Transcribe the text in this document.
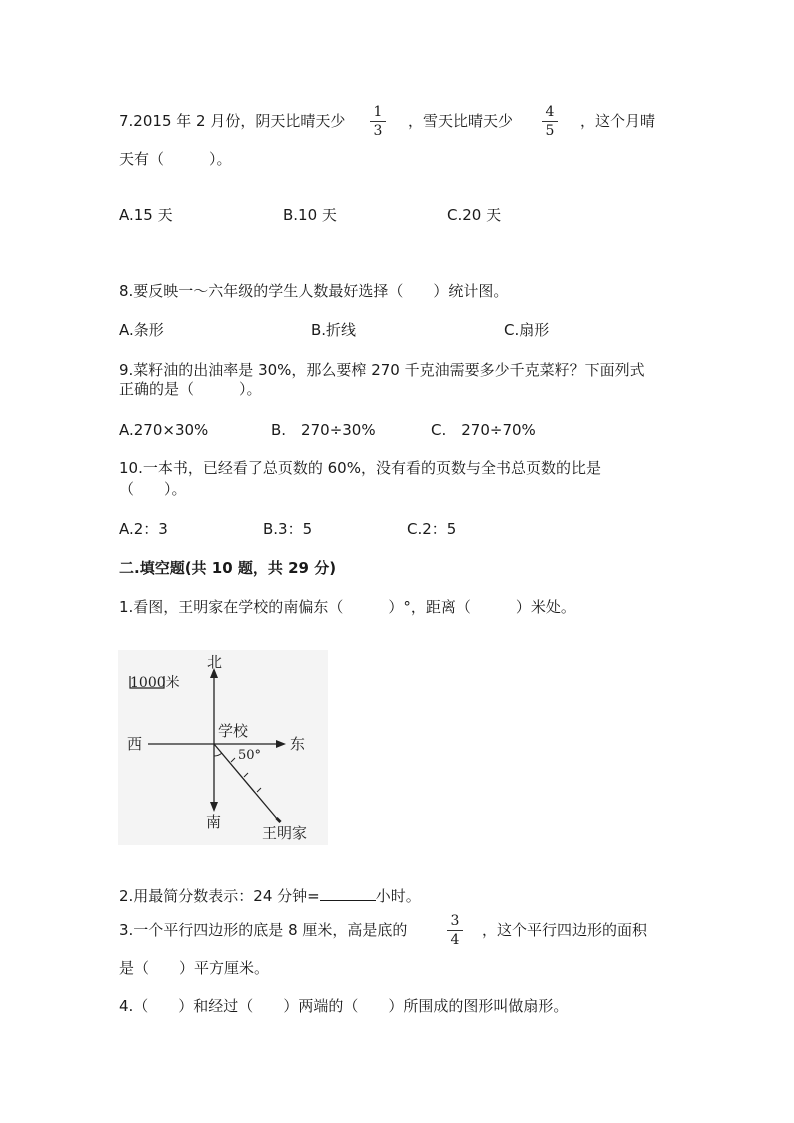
7.2015 年 2 月份，阴天比晴天少	1
3
，雪天比晴天少	4
5
，这个月晴
天有（　　　）。
A.15 天	B.10 天	C.20 天
8.要反映一～六年级的学生人数最好选择（　　）统计图。
A.条形	B.折线	C.扇形
9.菜籽油的出油率是 30%，那么要榨 270 千克油需要多少千克菜籽？下面列式
正确的是（　　　）。
A.270×30%	B.　270÷30%	C.　270÷70%
10.一本书，已经看了总页数的 60%，没有看的页数与全书总页数的比是
（　　）。
A.2：3	B.3：5	C.2：5
二.填空题(共 10 题，共 29 分)
1.看图，王明家在学校的南偏东（　　　）°，距离（　　　）米处。
1000米
北
南
东
西
学校
50°
王明家
2.用最简分数表示：24 分钟=	小时。
3.一个平行四边形的底是 8 厘米，高是底的	3
4
，这个平行四边形的面积
是（　　）平方厘米。
4.（　　）和经过（　　）两端的（　　）所围成的图形叫做扇形。
